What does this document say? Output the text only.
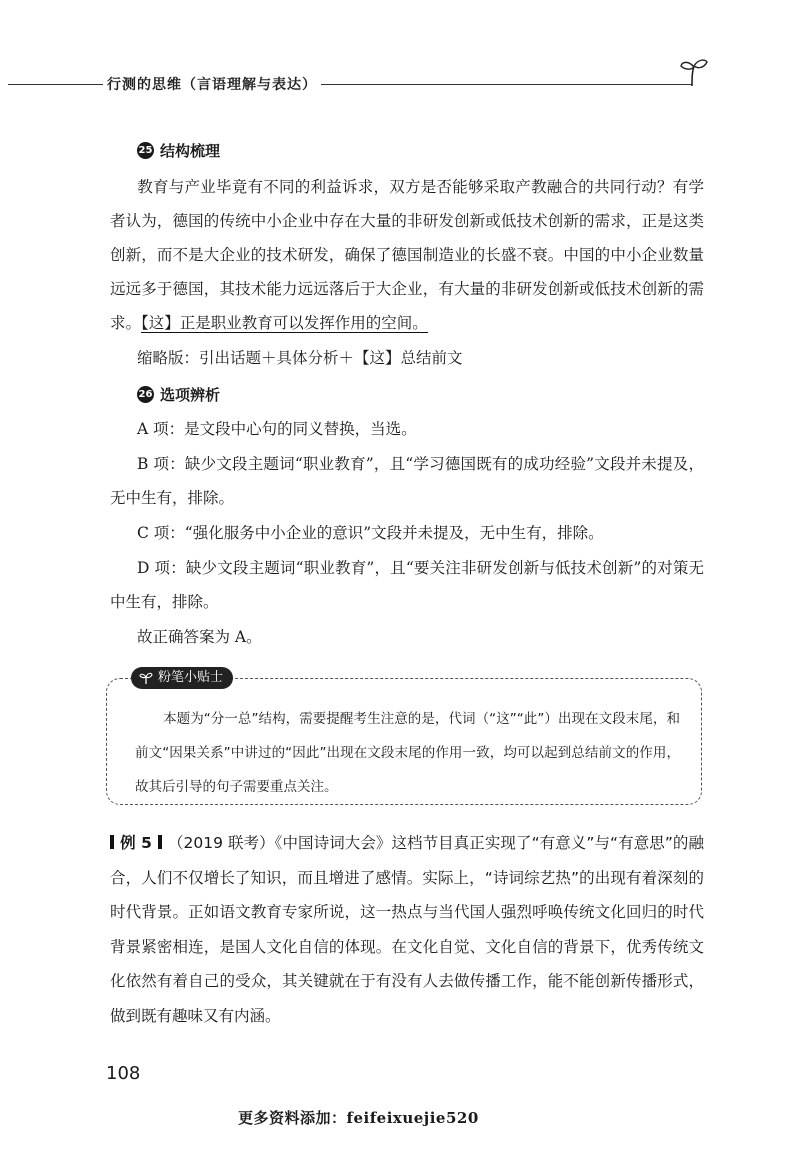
行测的思维（言语理解与表达）
25 结构梳理
教育与产业毕竟有不同的利益诉求，双方是否能够采取产教融合的共同行动？有学者认为，德国的传统中小企业中存在大量的非研发创新或低技术创新的需求，正是这类创新，而不是大企业的技术研发，确保了德国制造业的长盛不衰。中国的中小企业数量远远多于德国，其技术能力远远落后于大企业，有大量的非研发创新或低技术创新的需求。【这】正是职业教育可以发挥作用的空间。
缩略版：引出话题＋具体分析＋【这】总结前文
26 选项辨析
A 项：是文段中心句的同义替换，当选。
B 项：缺少文段主题词“职业教育”，且“学习德国既有的成功经验”文段并未提及，无中生有，排除。
C 项：“强化服务中小企业的意识”文段并未提及，无中生有，排除。
D 项：缺少文段主题词“职业教育”，且“要关注非研发创新与低技术创新”的对策无中生有，排除。
故正确答案为 A。
粉笔小贴士
本题为“分一总”结构，需要提醒考生注意的是，代词（“这”“此”）出现在文段末尾，和前文“因果关系”中讲过的“因此”出现在文段末尾的作用一致，均可以起到总结前文的作用，故其后引导的句子需要重点关注。
例 5 （2019 联考）《中国诗词大会》这档节目真正实现了“有意义”与“有意思”的融合，人们不仅增长了知识，而且增进了感情。实际上，“诗词综艺热”的出现有着深刻的时代背景。正如语文教育专家所说，这一热点与当代国人强烈呼唤传统文化回归的时代背景紧密相连，是国人文化自信的体现。在文化自觉、文化自信的背景下，优秀传统文化依然有着自己的受众，其关键就在于有没有人去做传播工作，能不能创新传播形式，做到既有趣味又有内涵。
108
更多资料添加：feifeixuejie520
